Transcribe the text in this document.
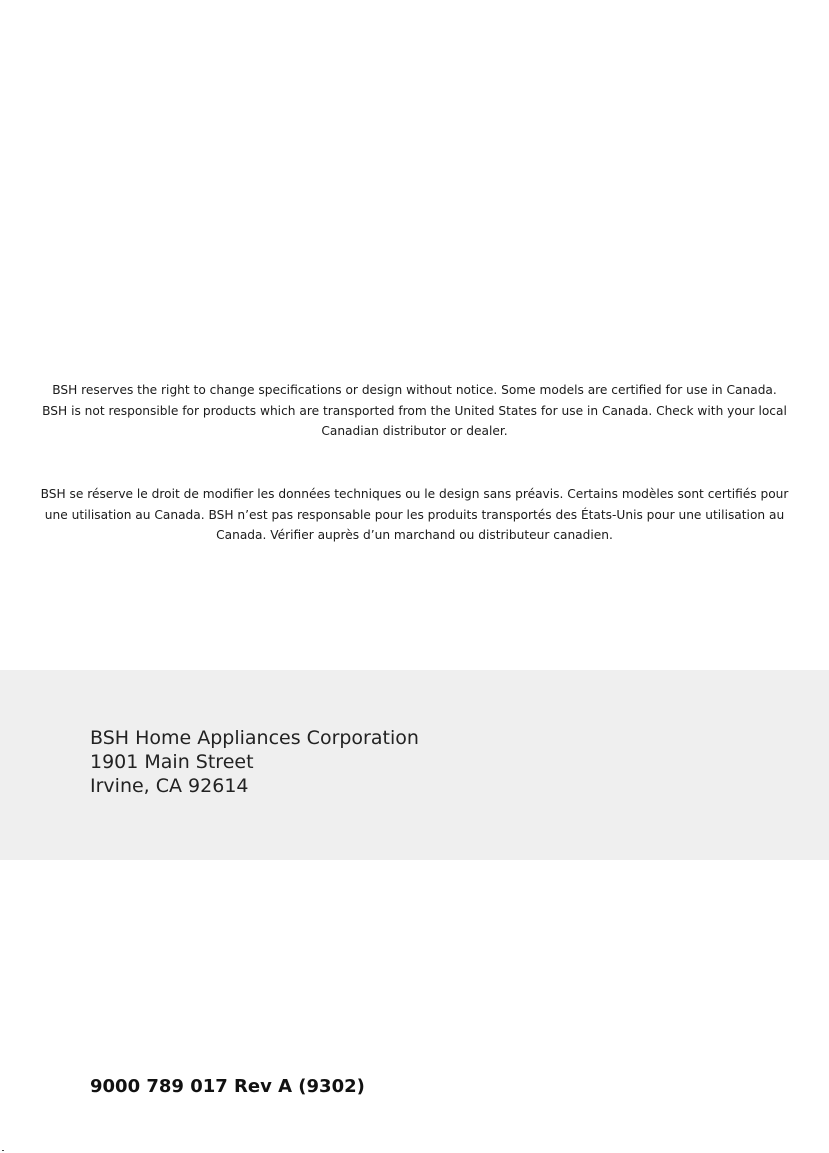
BSH reserves the right to change specifications or design without notice. Some models are certified for use in Canada. BSH is not responsible for products which are transported from the United States for use in Canada. Check with your local Canadian distributor or dealer.

BSH se réserve le droit de modifier les données techniques ou le design sans préavis. Certains modèles sont certifiés pour une utilisation au Canada. BSH n’est pas responsable pour les produits transportés des États-Unis pour une utilisation au Canada. Vérifier auprès d’un marchand ou distributeur canadien.

BSH Home Appliances Corporation
1901 Main Street
Irvine, CA 92614
9000 789 017 Rev A (9302)
